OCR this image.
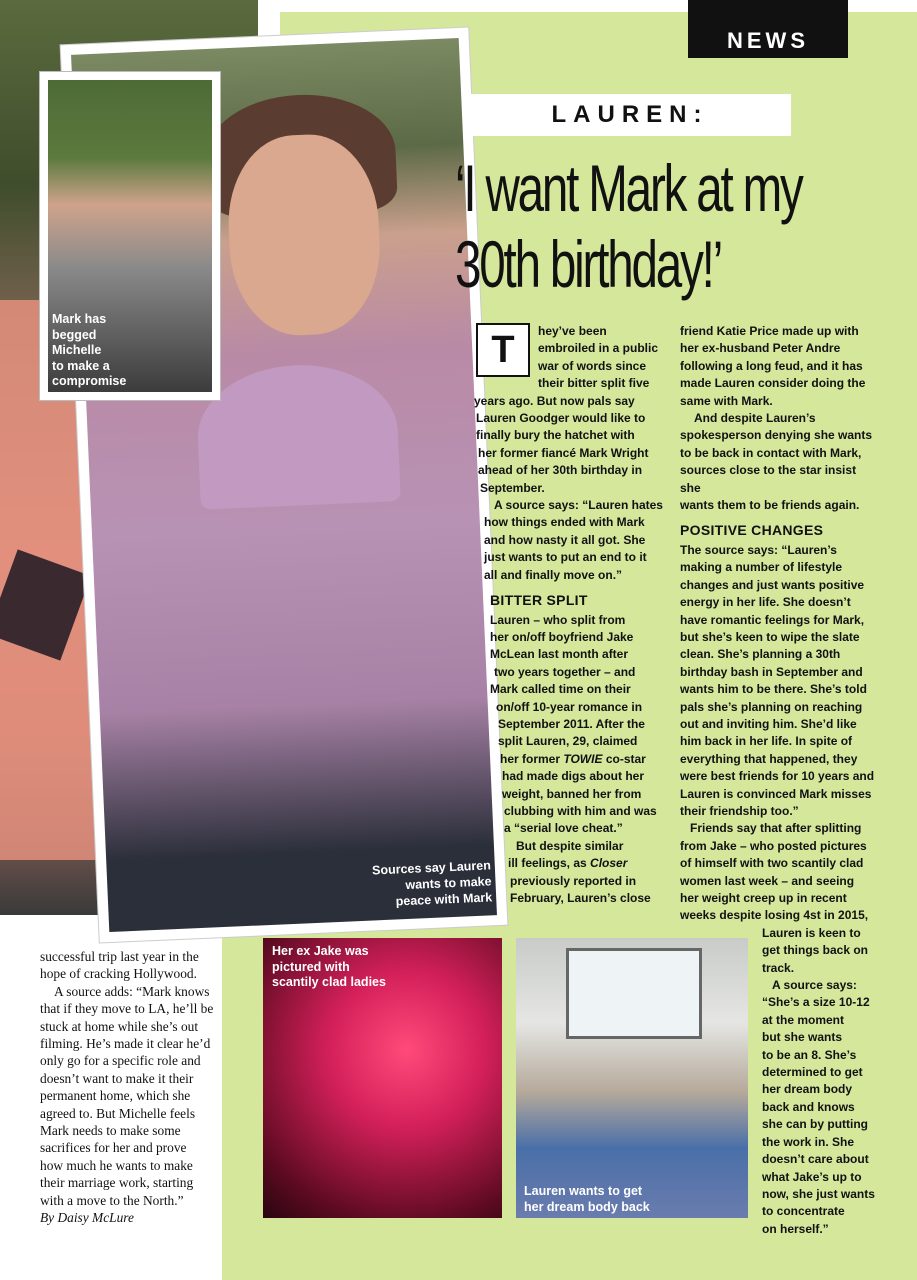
Sources say Lauren
wants to make
peace with Mark
Mark has
begged
Michelle
to make a
compromise
NEWS
LAUREN:
‘I want Mark at my
30th birthday!’
T	hey’ve been
embroiled in a public
war of words since
their bitter split five
years ago. But now pals say
Lauren Goodger would like to
finally bury the hatchet with
her former fiancé Mark Wright
ahead of her 30th birthday in
September.
A source says: “Lauren hates
how things ended with Mark
and how nasty it all got. She
just wants to put an end to it
all and finally move on.”
BITTER SPLIT
Lauren – who split from
her on/off boyfriend Jake
McLean last month after
two years together – and
Mark called time on their
on/off 10-year romance in
September 2011. After the
split Lauren, 29, claimed
her former TOWIE co-star
had made digs about her
weight, banned her from
clubbing with him and was
a “serial love cheat.”
But despite similar
ill feelings, as Closer
previously reported in
February, Lauren’s close
friend Katie Price made up with
her ex-husband Peter Andre
following a long feud, and it has
made Lauren consider doing the
same with Mark.
And despite Lauren’s
spokesperson denying she wants
to be back in contact with Mark,
sources close to the star insist she
wants them to be friends again.
POSITIVE CHANGES
The source says: “Lauren’s
making a number of lifestyle
changes and just wants positive
energy in her life. She doesn’t
have romantic feelings for Mark,
but she’s keen to wipe the slate
clean. She’s planning a 30th
birthday bash in September and
wants him to be there. She’s told
pals she’s planning on reaching
out and inviting him. She’d like
him back in her life. In spite of
everything that happened, they
were best friends for 10 years and
Lauren is convinced Mark misses
their friendship too.”
Friends say that after splitting
from Jake – who posted pictures
of himself with two scantily clad
women last week – and seeing
her weight creep up in recent
weeks despite losing 4st in 2015,
Lauren is keen to
get things back on
track.
A source says:
“She’s a size 10-12
at the moment
but she wants
to be an 8. She’s
determined to get
her dream body
back and knows
she can by putting
the work in. She
doesn’t care about
what Jake’s up to
now, she just wants
to concentrate
on herself.”
successful trip last year in the
hope of cracking Hollywood.
A source adds: “Mark knows
that if they move to LA, he’ll be
stuck at home while she’s out
filming. He’s made it clear he’d
only go for a specific role and
doesn’t want to make it their
permanent home, which she
agreed to. But Michelle feels
Mark needs to make some
sacrifices for her and prove
how much he wants to make
their marriage work, starting
with a move to the North.”
By Daisy McLure
Her ex Jake was
pictured with
scantily clad ladies
Lauren wants to get
her dream body back
